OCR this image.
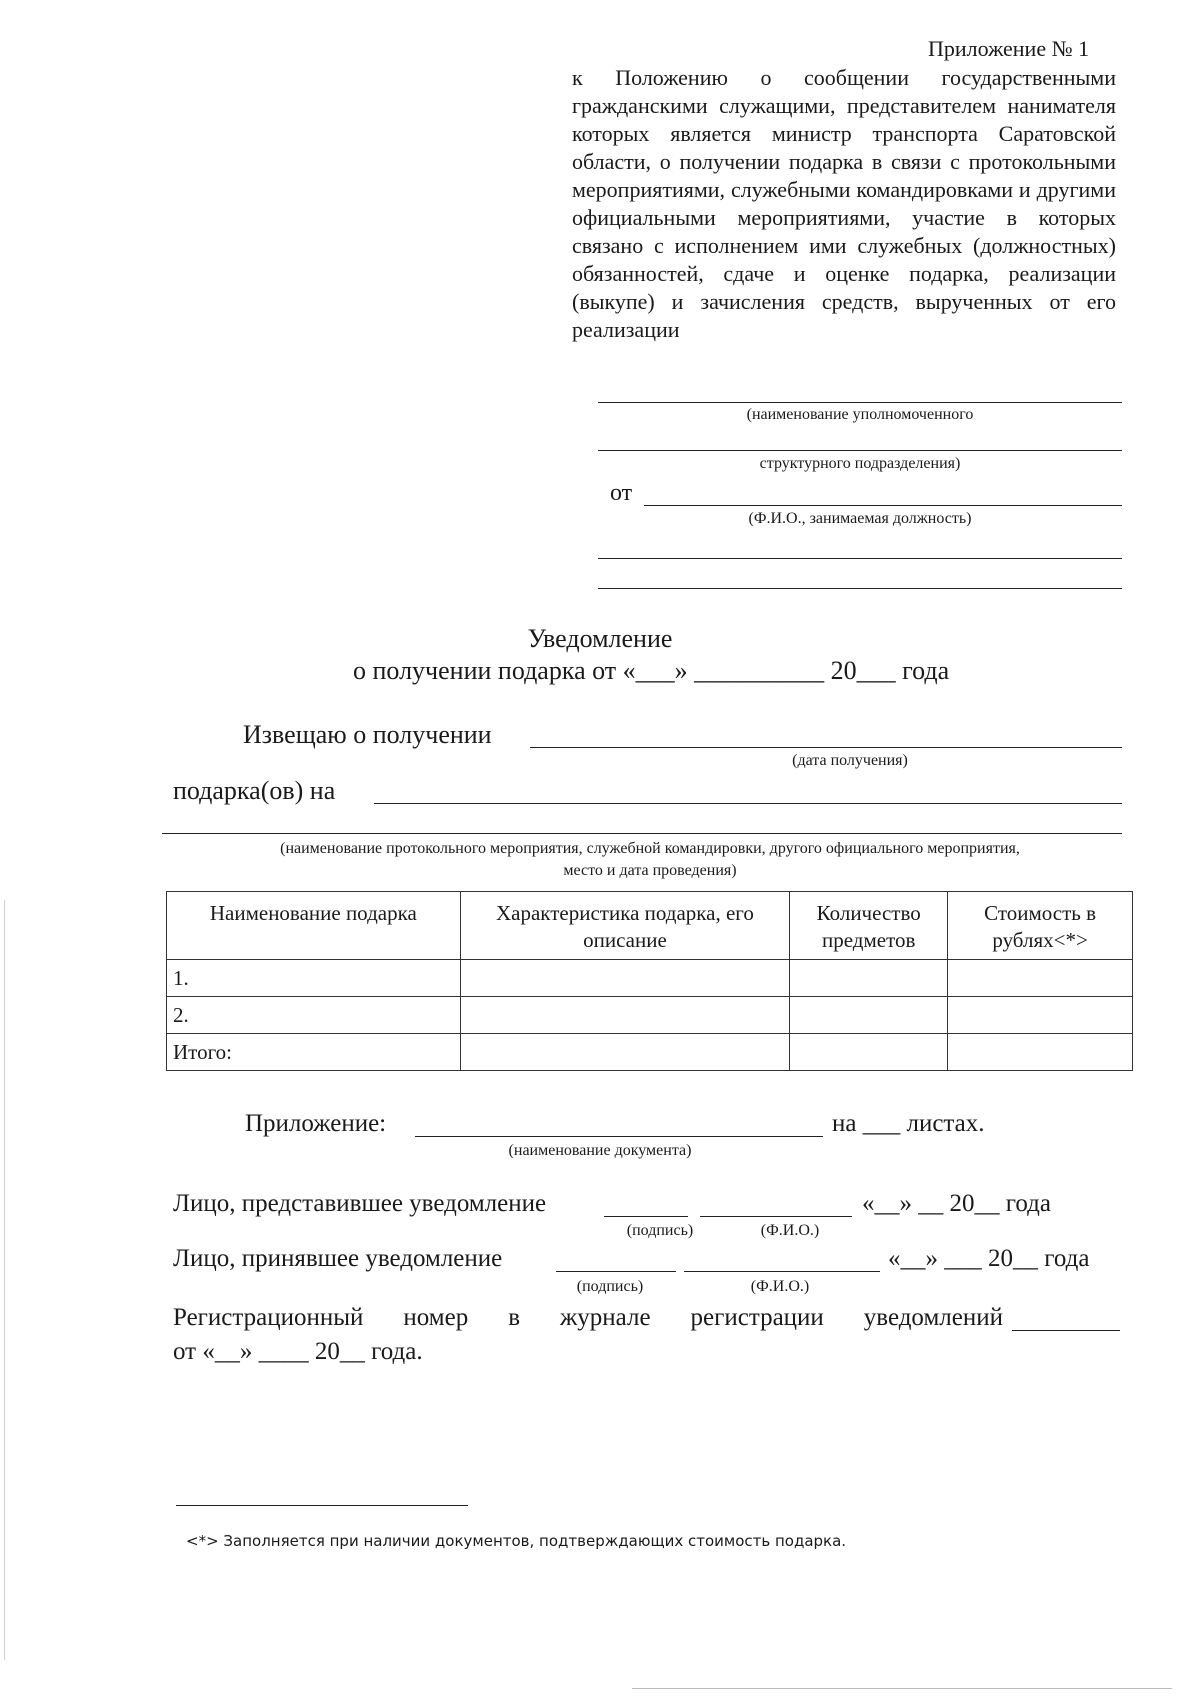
Приложение № 1
к Положению о сообщении государственными гражданскими служащими, представителем нанимателя которых является министр транспорта Саратовской области, о получении подарка в связи с протокольными мероприятиями, служебными командировками и другими официальными мероприятиями, участие в которых связано с исполнением ими служебных (должностных) обязанностей, сдаче и оценке подарка, реализации (выкупе) и зачисления средств, вырученных от его реализации
(наименование уполномоченного
структурного подразделения)
от
(Ф.И.О., занимаемая должность)
Уведомление
о получении подарка от «___» __________ 20___ года
Извещаю о получении
(дата получения)
подарка(ов) на
(наименование протокольного мероприятия, служебной командировки, другого официального мероприятия, место и дата проведения)
Наименование подарка	Характеристика подарка, его описание	Количество предметов	Стоимость в рублях<*>
1.			
2.			
Итого:			
Приложение:	на ___ листах.
(наименование документа)
Лицо, представившее уведомление	«__» __ 20__ года
(подпись)	(Ф.И.О.)
Лицо, принявшее уведомление	«__» ___ 20__ года
(подпись)	(Ф.И.О.)
Регистрационный номер в журнале регистрации уведомлений
от «__» ____ 20__ года.
<*> Заполняется при наличии документов, подтверждающих стоимость подарка.
